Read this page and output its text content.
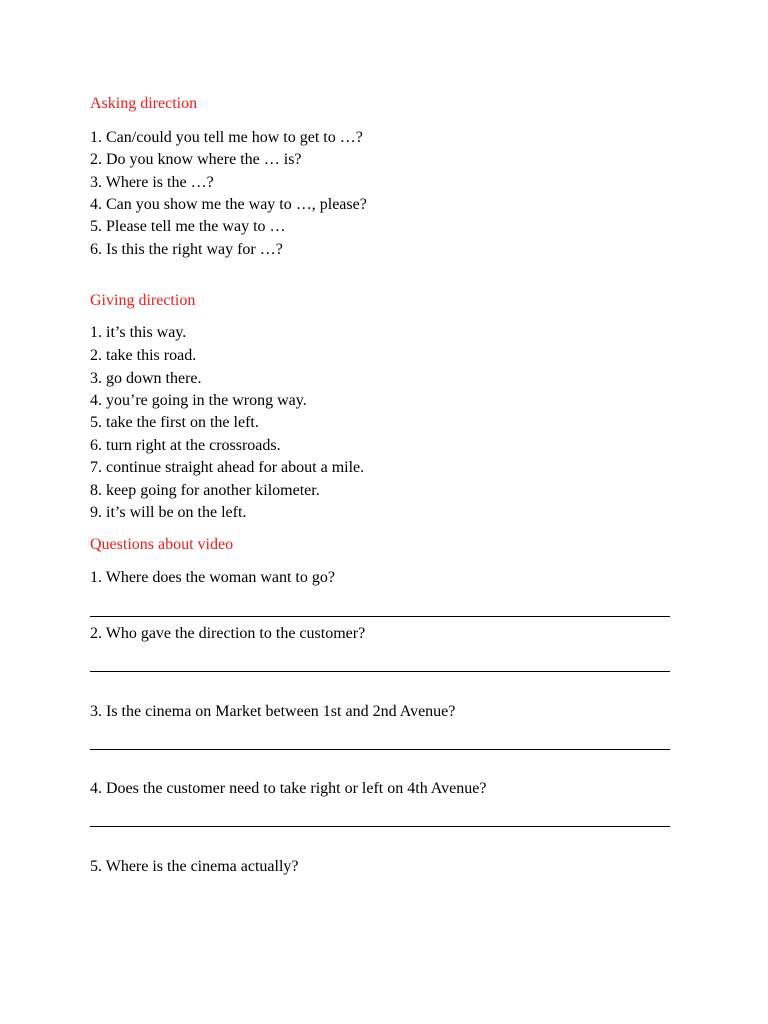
Asking direction
1. Can/could you tell me how to get to …?
2. Do you know where the … is?
3. Where is the …?
4. Can you show me the way to …, please?
5. Please tell me the way to …
6. Is this the right way for …?
Giving direction
1. it’s this way.
2. take this road.
3. go down there.
4. you’re going in the wrong way.
5. take the first on the left.
6. turn right at the crossroads.
7. continue straight ahead for about a mile.
8. keep going for another kilometer.
9. it’s will be on the left.
Questions about video
1. Where does the woman want to go?
2. Who gave the direction to the customer?
3. Is the cinema on Market between 1st and 2nd Avenue?
4. Does the customer need to take right or left on 4th Avenue?
5. Where is the cinema actually?
